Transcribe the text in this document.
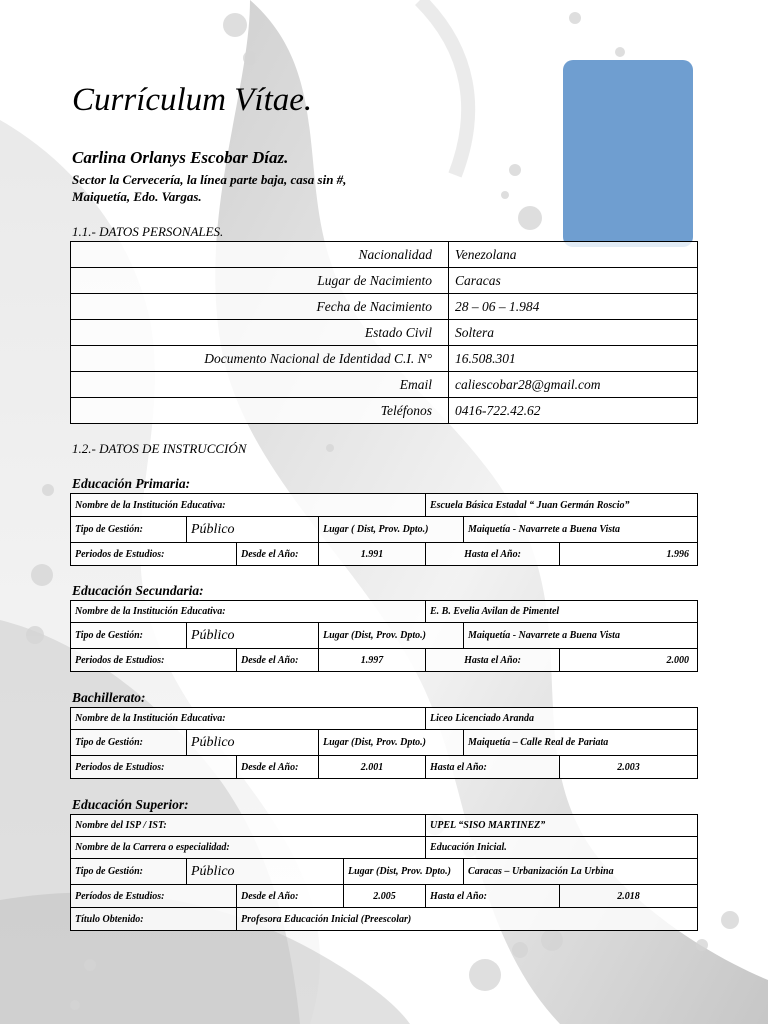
Currículum Vítae.
Carlina Orlanys Escobar Díaz.
Sector la Cervecería, la línea parte baja, casa sin #,
Maiquetía, Edo. Vargas.
1.1.- DATOS PERSONALES.
Nacionalidad	Venezolana
Lugar de Nacimiento	Caracas
Fecha de Nacimiento	28 – 06 – 1.984
Estado Civil	Soltera
Documento Nacional de Identidad C.I. N°	16.508.301
Email	caliescobar28@gmail.com
Teléfonos	0416-722.42.62
1.2.- DATOS DE INSTRUCCIÓN
Educación Primaria:
Nombre de la Institución Educativa:				Escuela Básica Estadal “ Juan Germán Roscio”		
Tipo de Gestión:	Público		Lugar ( Dist, Prov. Dpto.)		Maiquetía - Navarrete a Buena Vista	
Periodos de Estudios:		Desde el Año:	1.991	Hasta el Año:		1.996
Educación Secundaria:
Nombre de la Institución Educativa:				E. B. Evelia Avilan de Pimentel		
Tipo de Gestión:	Público		Lugar (Dist, Prov. Dpto.)		Maiquetía - Navarrete a Buena Vista	
Periodos de Estudios:		Desde el Año:	1.997	Hasta el Año:		2.000
Bachillerato:
Nombre de la Institución Educativa:				Liceo Licenciado Aranda		
Tipo de Gestión:	Público		Lugar (Dist, Prov. Dpto.)		Maiquetía – Calle Real de Pariata	
Periodos de Estudios:		Desde el Año:	2.001	Hasta el Año:		2.003
Educación Superior:
Nombre del ISP / IST:				UPEL “SISO MARTINEZ”		
Nombre de la Carrera o especialidad:				Educación Inicial.		
Tipo de Gestión:	Público		Lugar (Dist, Prov. Dpto.)		Caracas – Urbanización La Urbina	
Períodos de Estudios:		Desde el Año:	2.005	Hasta el Año:		2.018
Título Obtenido:		Profesora Educación Inicial (Preescolar)				
